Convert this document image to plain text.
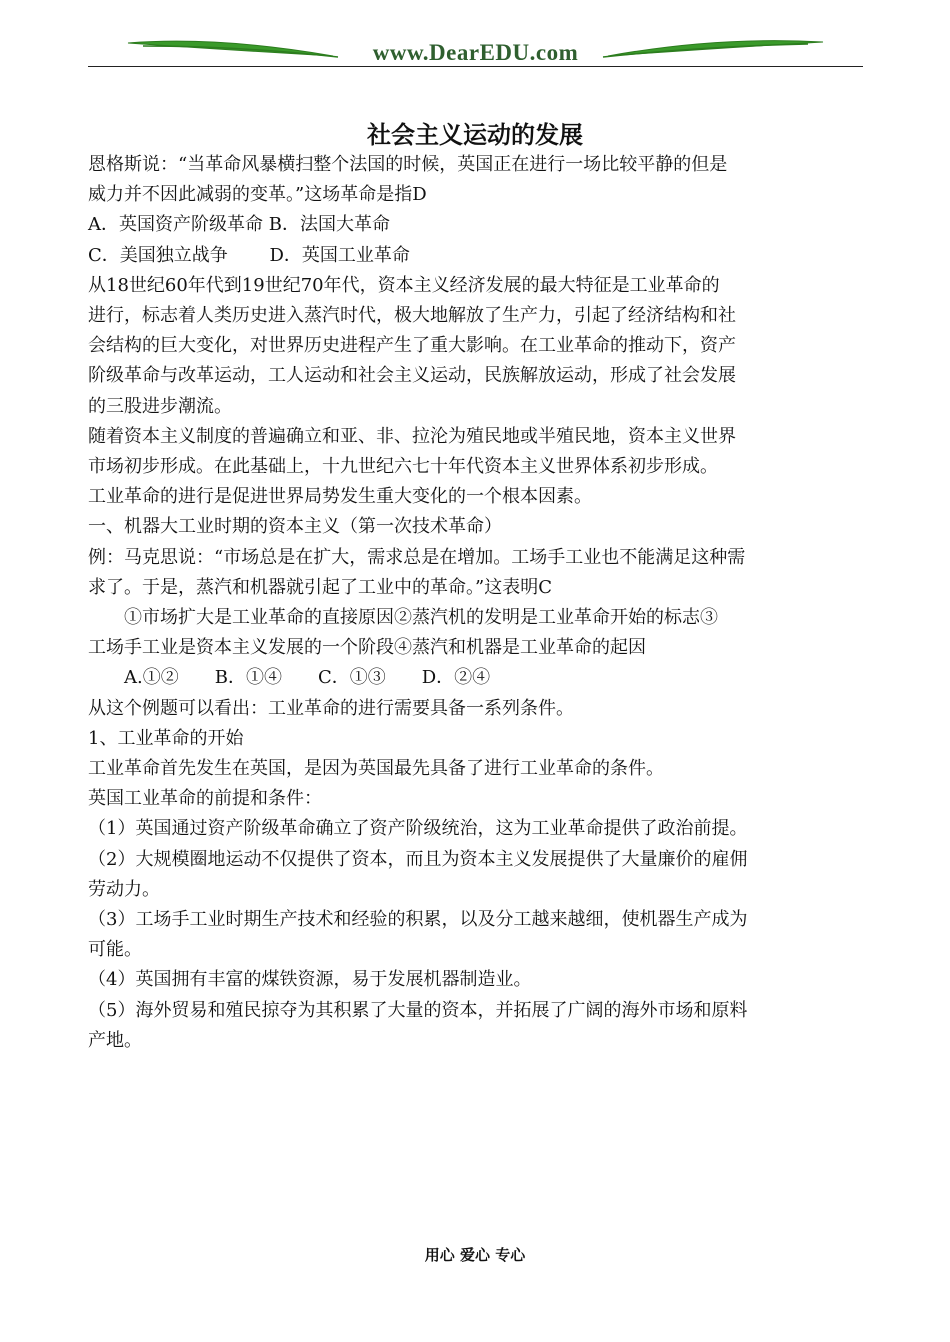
www.DearEDU.com
社会主义运动的发展

恩格斯说：“当革命风暴横扫整个法国的时候，英国正在进行一场比较平静的但是

威力并不因此减弱的变革。”这场革命是指D

A．英国资产阶级革命 B．法国大革命

C．美国独立战争　　 D．英国工业革命

从18世纪60年代到19世纪70年代，资本主义经济发展的最大特征是工业革命的

进行，标志着人类历史进入蒸汽时代，极大地解放了生产力，引起了经济结构和社

会结构的巨大变化，对世界历史进程产生了重大影响。在工业革命的推动下，资产

阶级革命与改革运动，工人运动和社会主义运动，民族解放运动，形成了社会发展

的三股进步潮流。

随着资本主义制度的普遍确立和亚、非、拉沦为殖民地或半殖民地，资本主义世界

市场初步形成。在此基础上，十九世纪六七十年代资本主义世界体系初步形成。

工业革命的进行是促进世界局势发生重大变化的一个根本因素。

一、机器大工业时期的资本主义（第一次技术革命）

例：马克思说：“市场总是在扩大，需求总是在增加。工场手工业也不能满足这种需

求了。于是，蒸汽和机器就引起了工业中的革命。”这表明C

　　①市场扩大是工业革命的直接原因②蒸汽机的发明是工业革命开始的标志③

工场手工业是资本主义发展的一个阶段④蒸汽和机器是工业革命的起因

　　A.①②　　B．①④　　C．①③　　D．②④

从这个例题可以看出：工业革命的进行需要具备一系列条件。

1、工业革命的开始

工业革命首先发生在英国，是因为英国最先具备了进行工业革命的条件。

英国工业革命的前提和条件：

（1）英国通过资产阶级革命确立了资产阶级统治，这为工业革命提供了政治前提。

（2）大规模圈地运动不仅提供了资本，而且为资本主义发展提供了大量廉价的雇佣

劳动力。

（3）工场手工业时期生产技术和经验的积累，以及分工越来越细，使机器生产成为

可能。

（4）英国拥有丰富的煤铁资源，易于发展机器制造业。

（5）海外贸易和殖民掠夺为其积累了大量的资本，并拓展了广阔的海外市场和原料

产地。

用心 爱心 专心
